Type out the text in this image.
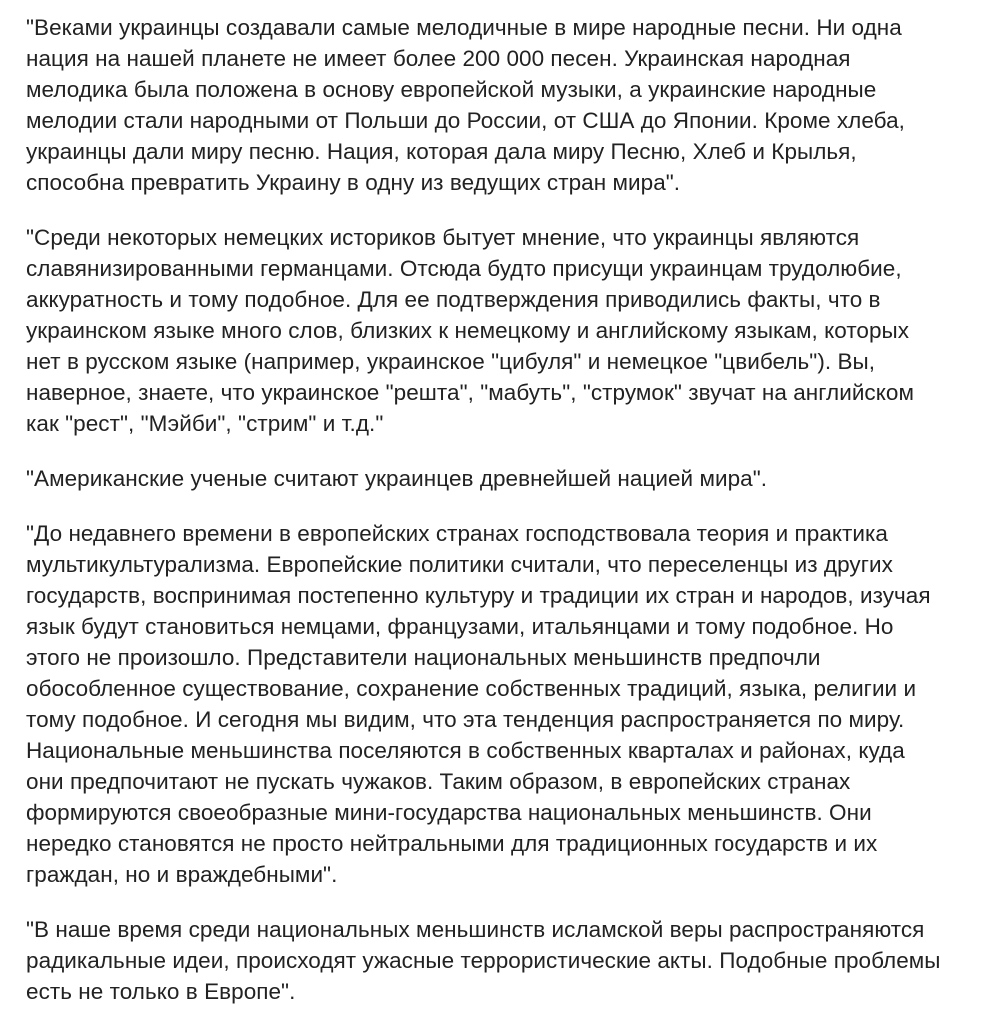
"Веками украинцы создавали самые мелодичные в мире народные песни. Ни одна
нация на нашей планете не имеет более 200 000 песен. Украинская народная
мелодика была положена в основу европейской музыки, а украинские народные
мелодии стали народными от Польши до России, от США до Японии. Кроме хлеба,
украинцы дали миру песню. Нация, которая дала миру Песню, Хлеб и Крылья,
способна превратить Украину в одну из ведущих стран мира".

"Среди некоторых немецких историков бытует мнение, что украинцы являются
славянизированными германцами. Отсюда будто присущи украинцам трудолюбие,
аккуратность и тому подобное. Для ее подтверждения приводились факты, что в
украинском языке много слов, близких к немецкому и английскому языкам, которых
нет в русском языке (например, украинское "цибуля" и немецкое "цвибель"). Вы,
наверное, знаете, что украинское "решта", "мабуть", "струмок" звучат на английском
как "рест", "Мэйби", "стрим" и т.д."

"Американские ученые считают украинцев древнейшей нацией мира".

"До недавнего времени в европейских странах господствовала теория и практика
мультикультурализма. Европейские политики считали, что переселенцы из других
государств, воспринимая постепенно культуру и традиции их стран и народов, изучая
язык будут становиться немцами, французами, итальянцами и тому подобное. Но
этого не произошло. Представители национальных меньшинств предпочли
обособленное существование, сохранение собственных традиций, языка, религии и
тому подобное. И сегодня мы видим, что эта тенденция распространяется по миру.
Национальные меньшинства поселяются в собственных кварталах и районах, куда
они предпочитают не пускать чужаков. Таким образом, в европейских странах
формируются своеобразные мини-государства национальных меньшинств. Они
нередко становятся не просто нейтральными для традиционных государств и их
граждан, но и враждебными".

"В наше время среди национальных меньшинств исламской веры распространяются
радикальные идеи, происходят ужасные террористические акты. Подобные проблемы
есть не только в Европе".
